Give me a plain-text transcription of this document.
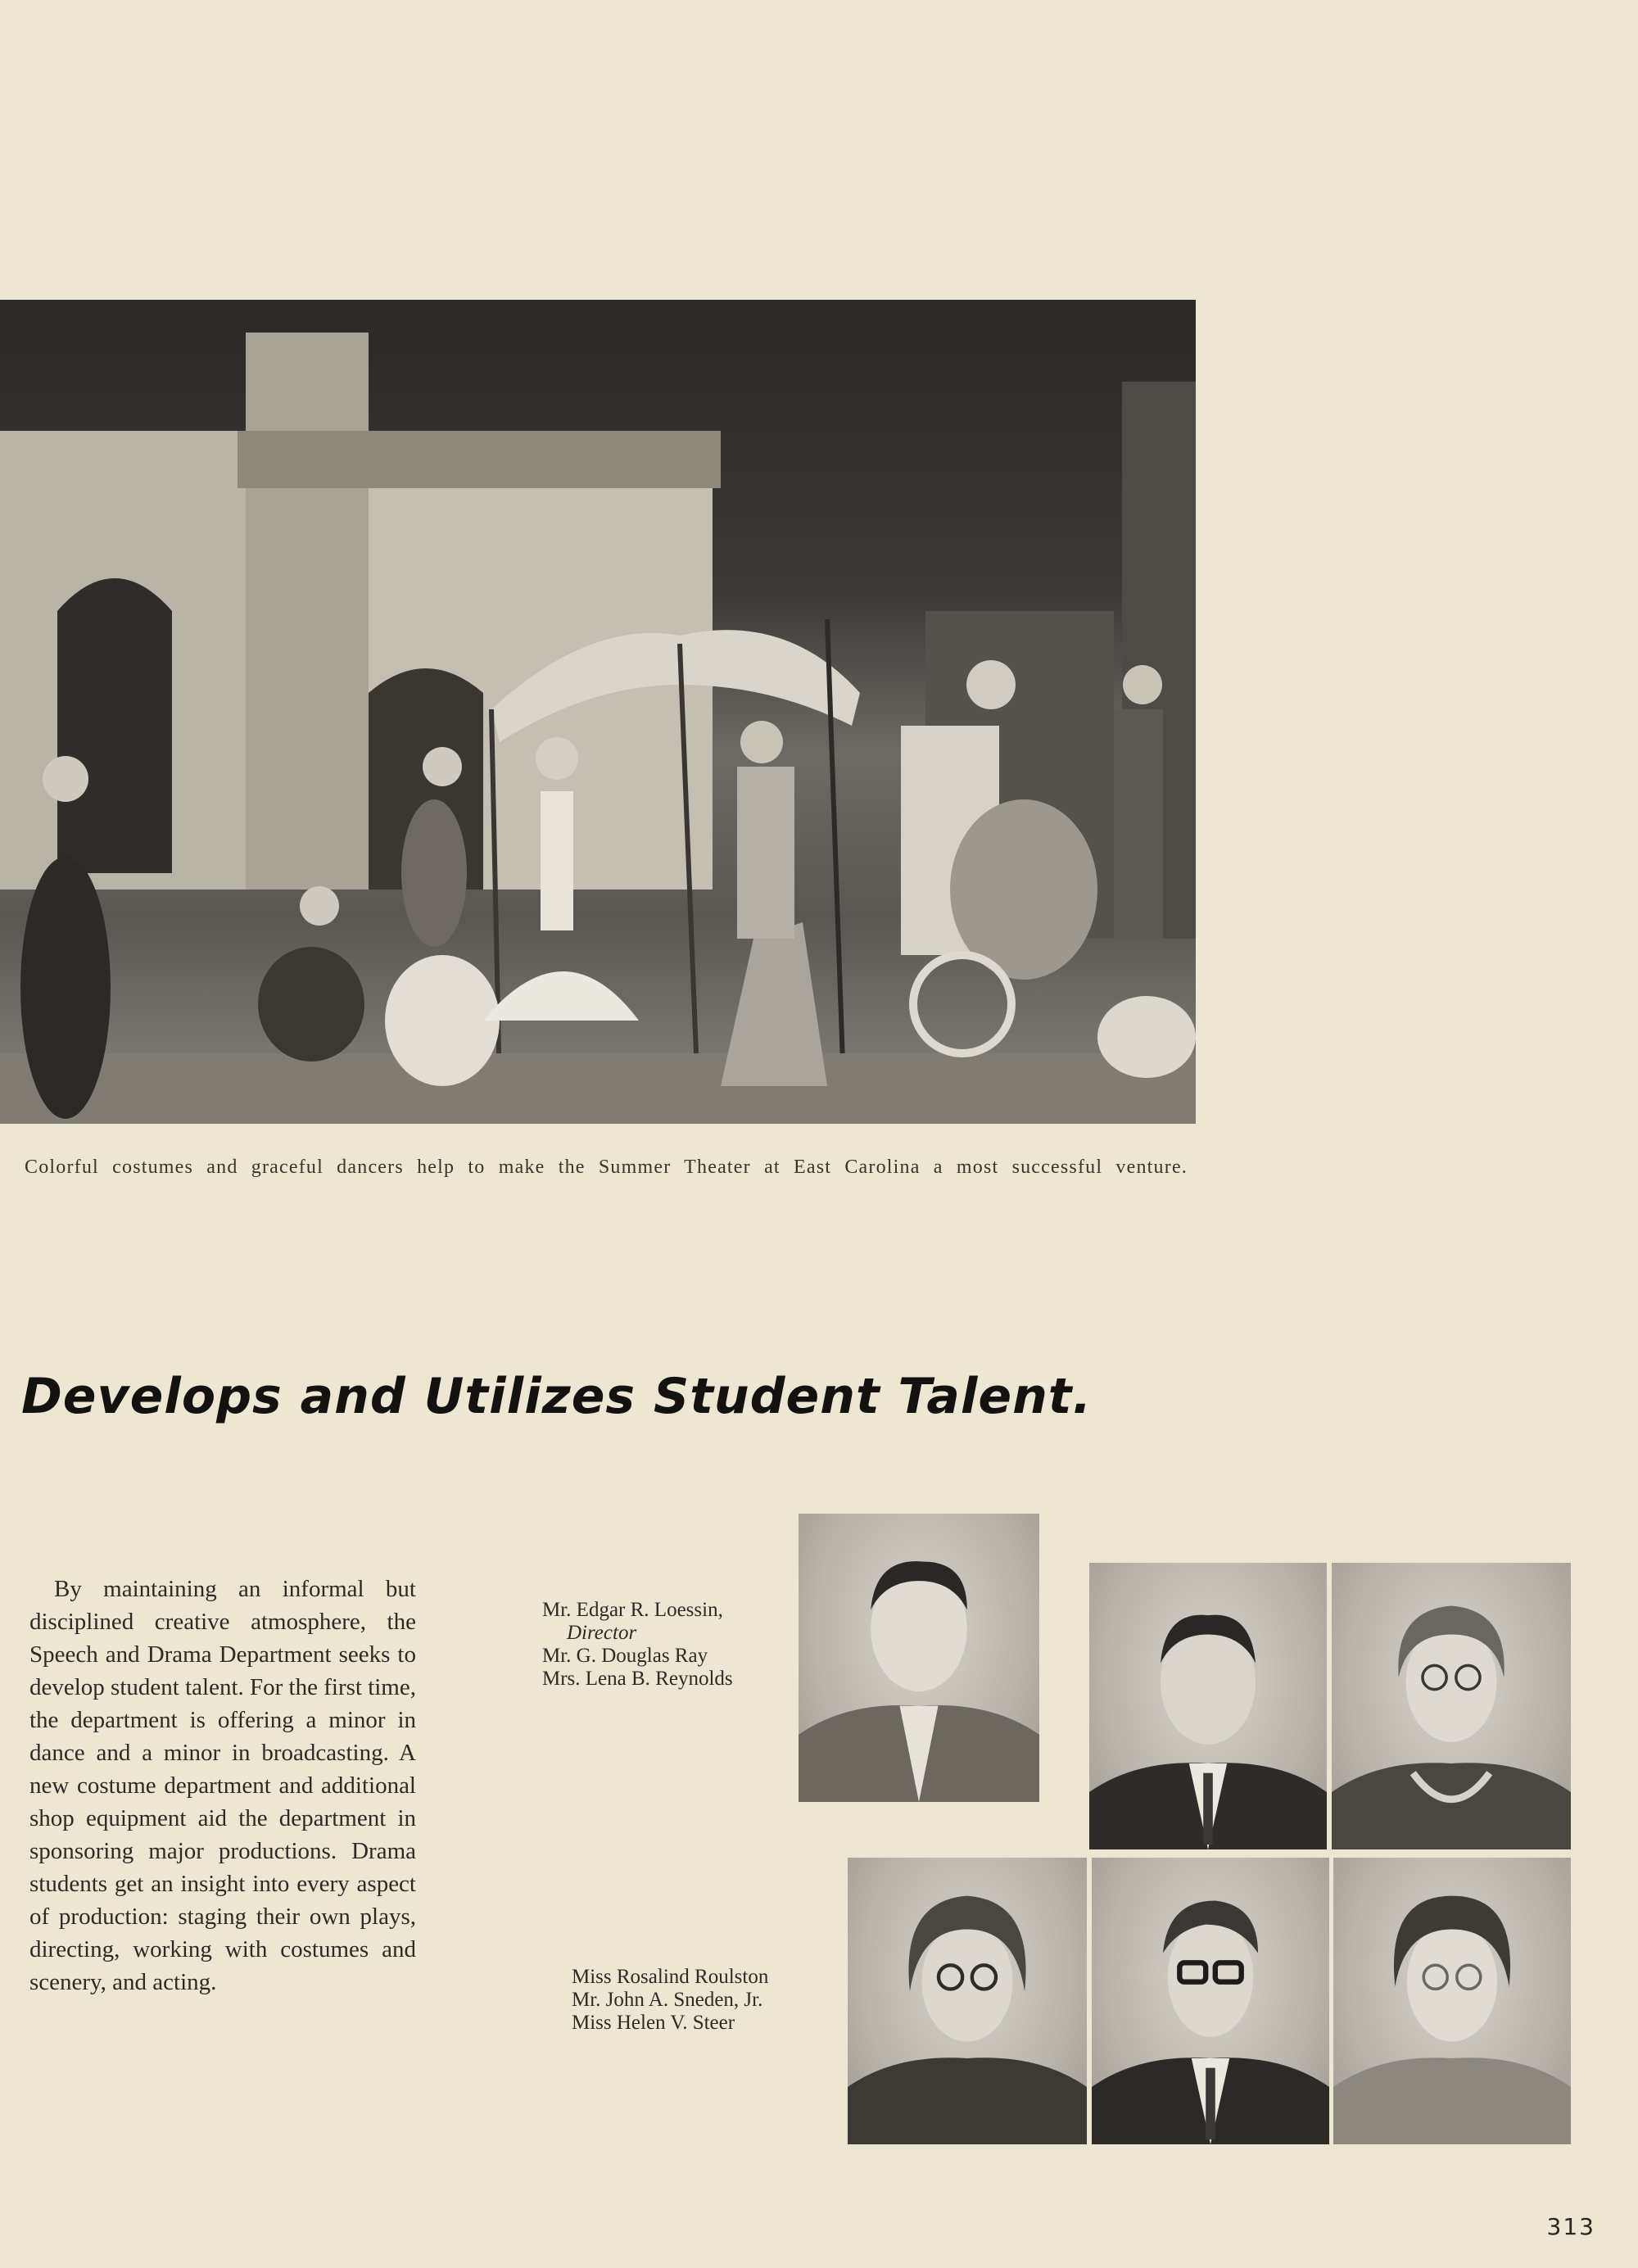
Colorful costumes and graceful dancers help to make the Summer Theater at East Carolina a most successful venture.
Develops and Utilizes Student Talent.

By maintaining an informal but disciplined creative atmosphere, the Speech and Drama Department seeks to develop student talent. For the first time, the department is offering a minor in dance and a minor in broadcasting. A new costume department and additional shop equipment aid the department in sponsoring major productions. Drama students get an insight into every aspect of production: staging their own plays, directing, working with costumes and scenery, and acting.

Mr. Edgar R. Loessin,
Director
Mr. G. Douglas Ray
Mrs. Lena B. Reynolds
Miss Rosalind Roulston
Mr. John A. Sneden, Jr.
Miss Helen V. Steer
313
